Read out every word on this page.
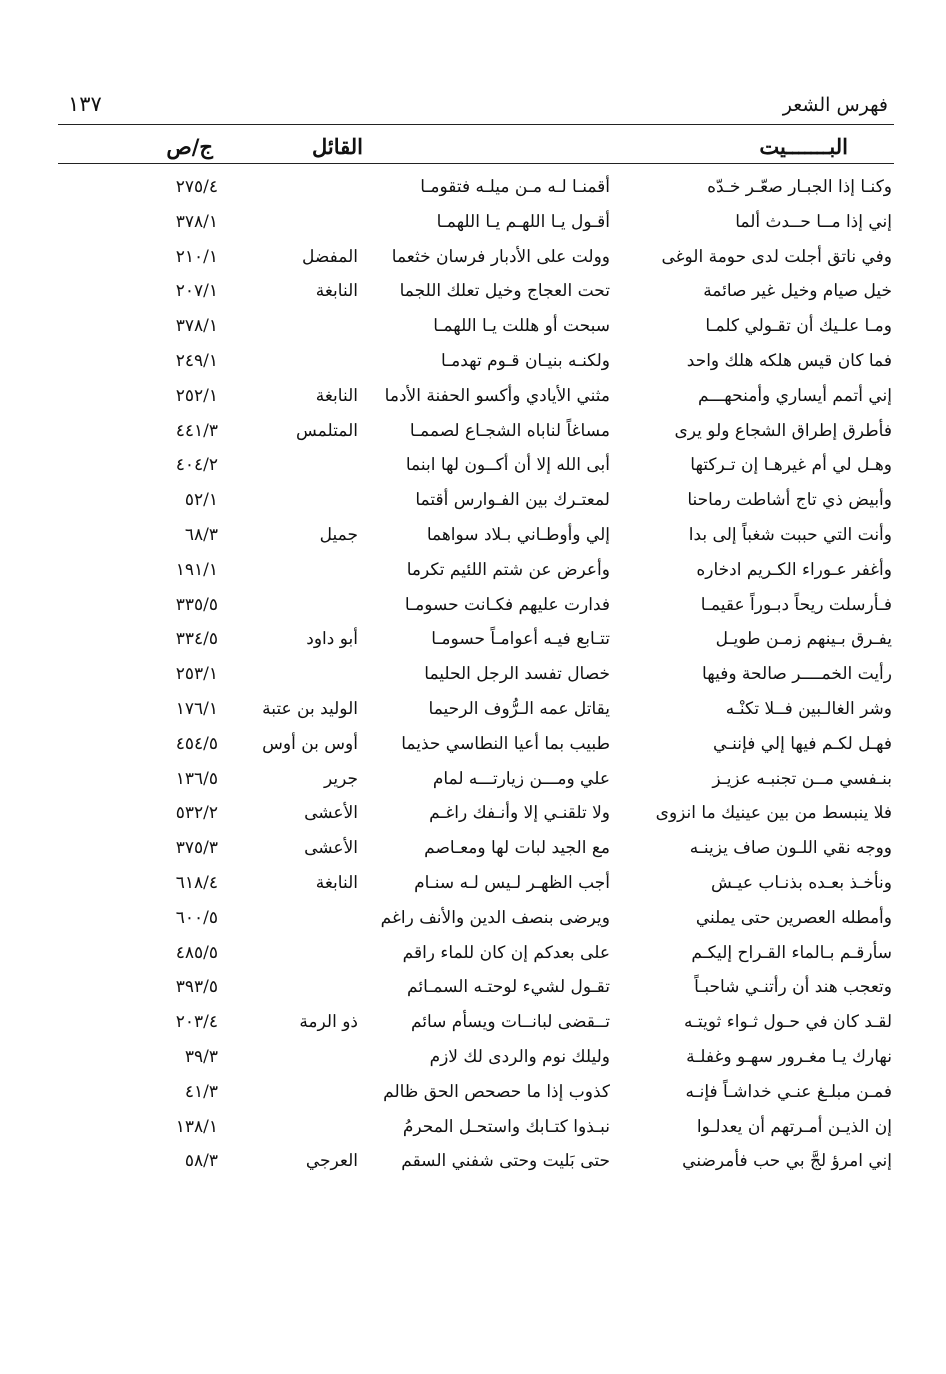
فهرس الشعر
١٣٧
البـــــــيت
القائل
ج/ص
وكنـا إذا الجبـار صعّـر خـدّه
أقمنـا لـه مـن ميلـه فتقومـا
٢٧٥/٤
إني إذا مــا حــدث ألما
أقـول يـا اللهـم يـا اللهمـا
٣٧٨/١
وفي ناتق أجلت لدى حومة الوغى
وولت على الأدبار فرسان خثعما
المفضل
٢١٠/١
خيل صيام وخيل غير صائمة
تحت العجاج وخيل تعلك اللجما
النابغة
٢٠٧/١
ومـا علـيك أن تقـولي كلمـا
سبحت أو هللت يـا اللهمـا
٣٧٨/١
فما كان قيس هلكه هلك واحد
ولكنـه بنيـان قـوم تهدمـا
٢٤٩/١
إني أتمم أيساري وأمنحهـــم
مثني الأيادي وأكسو الحفنة الأدما
النابغة
٢٥٢/١
فأطرق إطراق الشجاع ولو يرى
مساغاً لناباه الشجـاع لصممـا
المتلمس
٤٤١/٣
وهـل لي أم غيرهـا إن تـركتها
أبى الله إلا أن أكــون لها ابنما
٤٠٤/٢
وأبيض ذي تاج أشاطت رماحنا
لمعتـرك بين الفـوارس أقتما
٥٢/١
وأنت التي حببت شغباً إلى بدا
إلي وأوطـاني بـلاد سواهما
جميل
٦٨/٣
وأغفر عـوراء الكـريم ادخاره
وأعرض عن شتم اللئيم تكرما
١٩١/١
فـأرسلت ريحاً دبـوراً عقيمـا
فدارت عليهم فكـانت حسومـا
٣٣٥/٥
يفـرق بـينهم زمـن طويـل
تتـابع فيـه أعوامـاً حسومـا
أبو داود
٣٣٤/٥
رأيت الخمــــر صالحة وفيها
خصال تفسد الرجل الحليما
٢٥٣/١
وشر الغالـبين فــلا تكنْـه
يقاتل عمه الـرُّوف الرحيما
الوليد بن عتبة
١٧٦/١
فهـل لكـم فيها إلي فإننـي
طبيب بما أعيا النطاسي حذيما
أوس بن أوس
٤٥٤/٥
بنـفسي مــن تجنبـه عزيـز
علي ومـــن زيارتـــه لمام
جرير
١٣٦/٥
فلا ينبسط من بين عينيك ما انزوى
ولا تلقنـي إلا وأنـفك راغـم
الأعشى
٥٣٢/٢
ووجه نقي اللـون صاف يزينـه
مع الجيد لبات لها ومعـاصم
الأعشى
٣٧٥/٣
ونأخـذ بعـده بذنـاب عيـش
أجب الظهـر لـيس لـه سنـام
النابغة
٦١٨/٤
وأمطله العصرين حتى يملني
ويرضى بنصف الدين والأنف راغم
٦٠٠/٥
سأرقـم بـالماء القـراح إليكـم
على بعدكم إن كان للماء راقم
٤٨٥/٥
وتعجب هند أن رأتنـي شاحبـاً
تقـول لشيء لوحتـه السمـائم
٣٩٣/٥
لقـد كان في حـول ثـواء ثويتـه
تــقضى لبانــات ويسأم سائم
ذو الرمة
٢٠٣/٤
نهارك يـا مغـرور سهـو وغفلـة
وليلك نوم والردى لك لازم
٣٩/٣
فمـن مبلـغ عنـي خداشـاً فإنـه
كذوب إذا ما حصحص الحق ظالم
٤١/٣
إن الذيـن أمـرتهم أن يعدلـوا
نبـذوا كتـابك واستحـل المحرمُ
١٣٨/١
إني امرؤ لجَّ بي حب فأمرضني
حتى بَليت وحتى شفني السقم
العرجي
٥٨/٣
